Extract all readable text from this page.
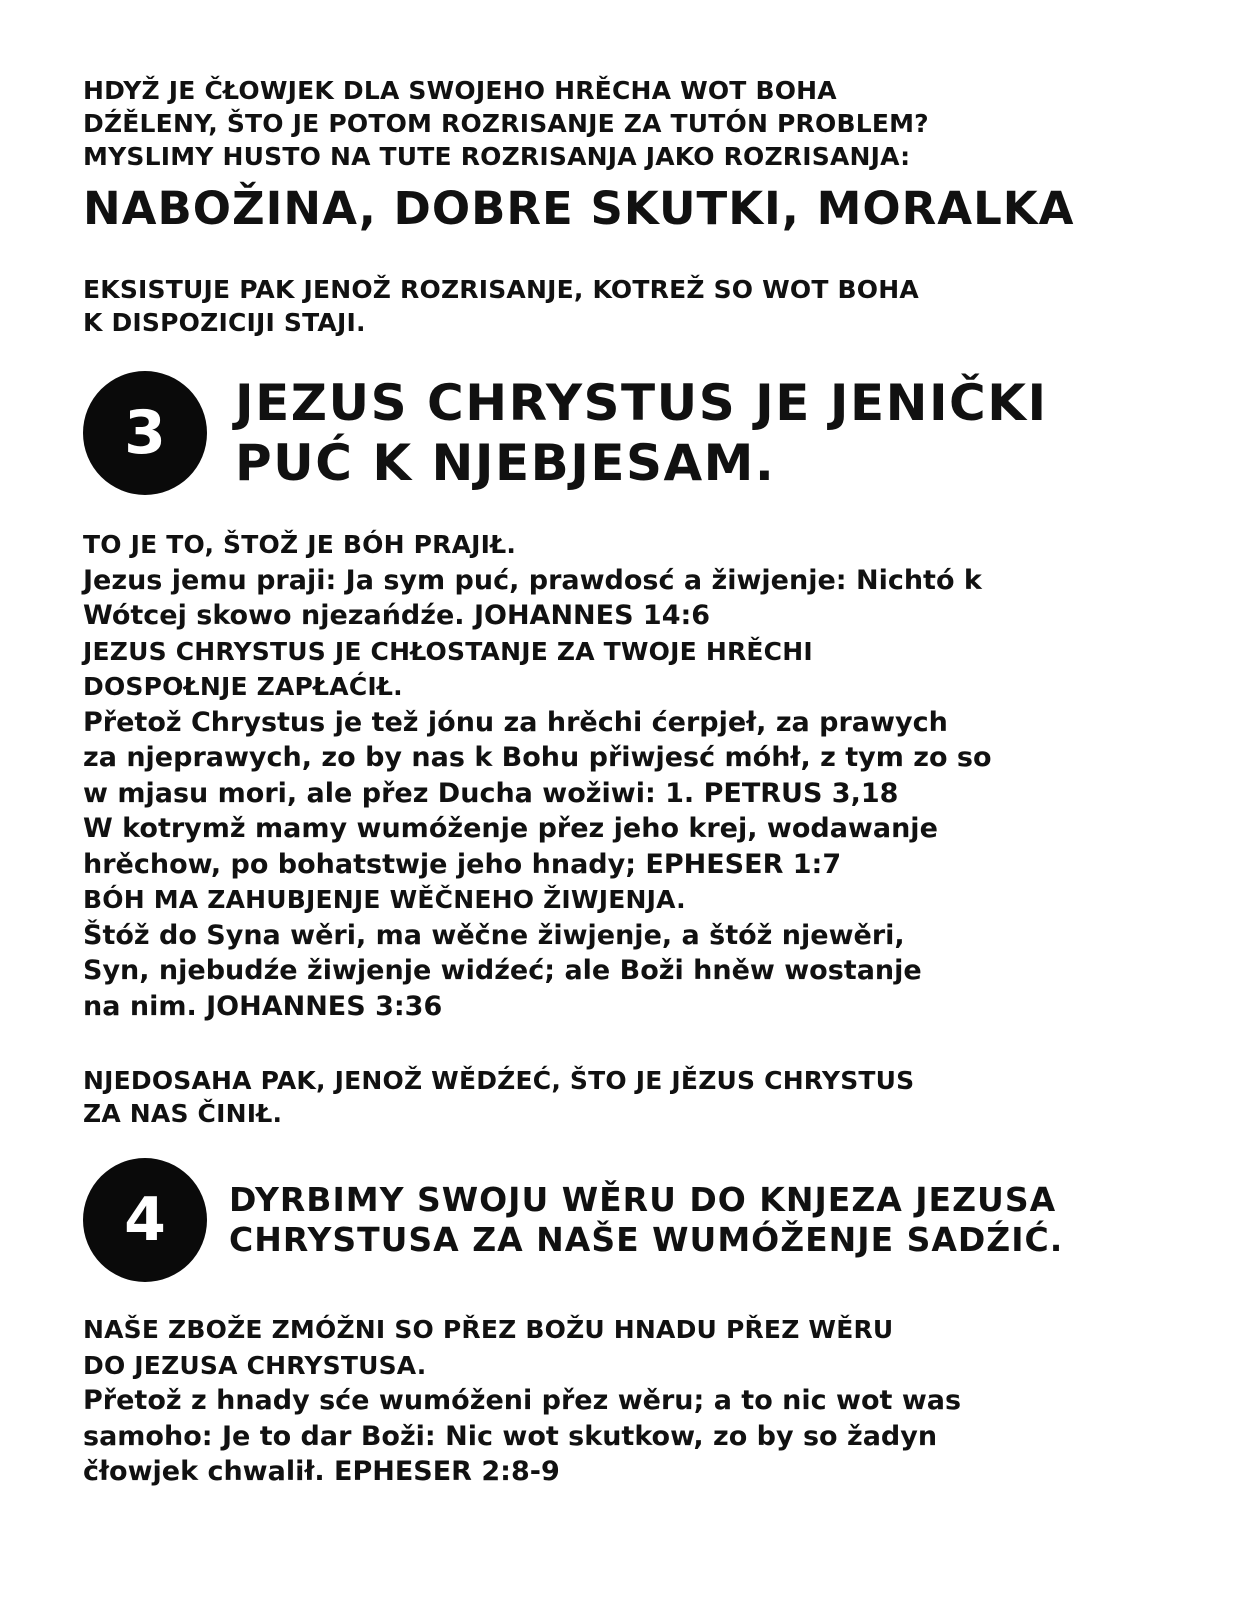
HDYŽ JE ČŁOWJEK DLA SWOJEHO HRĚCHA WOT BOHA
DŹĚLENY, ŠTO JE POTOM ROZRISANJE ZA TUTÓN PROBLEM?
MYSLIMY HUSTO NA TUTE ROZRISANJA JAKO ROZRISANJA:

NABOŽINA, DOBRE SKUTKI, MORALKA

EKSISTUJE PAK JENOŽ ROZRISANJE, KOTREŽ SO WOT BOHA
K DISPOZICIJI STAJI.

3	JEZUS CHRYSTUS JE JENIČKI
PUĆ K NJEBJESAM.
TO JE TO, ŠTOŽ JE BÓH PRAJIŁ.
Jezus jemu praji: Ja sym puć, prawdosć a žiwjenje: Nichtó k
Wótcej skowo njezańdźe. JOHANNES 14:6
JEZUS CHRYSTUS JE CHŁOSTANJE ZA TWOJE HRĚCHI
DOSPOŁNJE ZAPŁAĆIŁ.
Přetož Chrystus je tež jónu za hrěchi ćerpjeł, za prawych
za njeprawych, zo by nas k Bohu přiwjesć móhł, z tym zo so
w mjasu mori, ale přez Ducha wožiwi: 1. PETRUS 3,18
W kotrymž mamy wumóženje přez jeho krej, wodawanje
hrěchow, po bohatstwje jeho hnady; EPHESER 1:7
BÓH MA ZAHUBJENJE WĚČNEHO ŽIWJENJA.
Štóž do Syna wěri, ma wěčne žiwjenje, a štóž njewěri,
Syn, njebudźe žiwjenje widźeć; ale Boži hněw wostanje
na nim. JOHANNES 3:36

NJEDOSAHA PAK, JENOŽ WĚDŹEĆ, ŠTO JE JĚZUS CHRYSTUS
ZA NAS ČINIŁ.

4	DYRBIMY SWOJU WĚRU DO KNJEZA JEZUSA
CHRYSTUSA ZA NAŠE WUMÓŽENJE SADŹIĆ.
NAŠE ZBOŽE ZMÓŽNI SO PŘEZ BOŽU HNADU PŘEZ WĚRU
DO JEZUSA CHRYSTUSA.
Přetož z hnady sće wumóženi přez wěru; a to nic wot was
samoho: Je to dar Boži: Nic wot skutkow, zo by so žadyn
čłowjek chwalił. EPHESER 2:8-9
